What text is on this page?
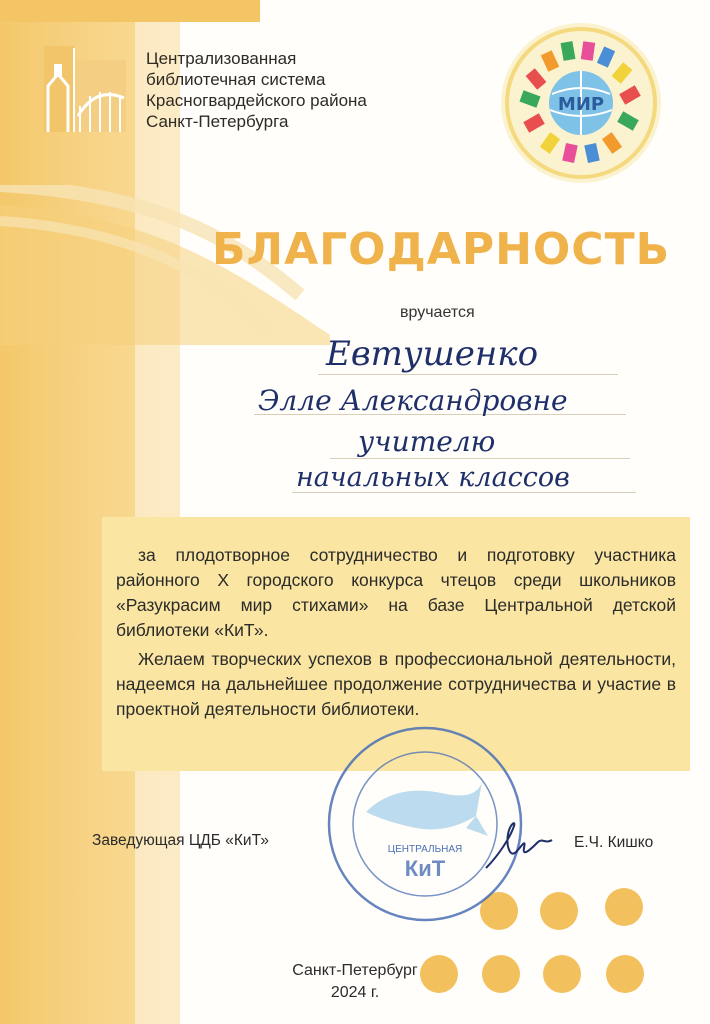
Централизованная
библиотечная система
Красногвардейского района
Санкт-Петербурга
МИР
БЛАГОДАРНОСТЬ
вручается
Евтушенко
Элле Александровне
учителю
начальных классов
за плодотворное сотрудничество и подготовку участника районного X городского конкурса чтецов среди школьников «Разукрасим мир стихами» на базе Центральной детской библиотеки «КиТ».
Желаем творческих успехов в профессиональной деятельности, надеемся на дальнейшее продолжение сотрудничества и участие в проектной деятельности библиотеки.
Заведующая ЦДБ «КиТ»
ЦЕНТРАЛЬНАЯ
КиТ
Е.Ч. Кишко
Санкт-Петербург
2024 г.
